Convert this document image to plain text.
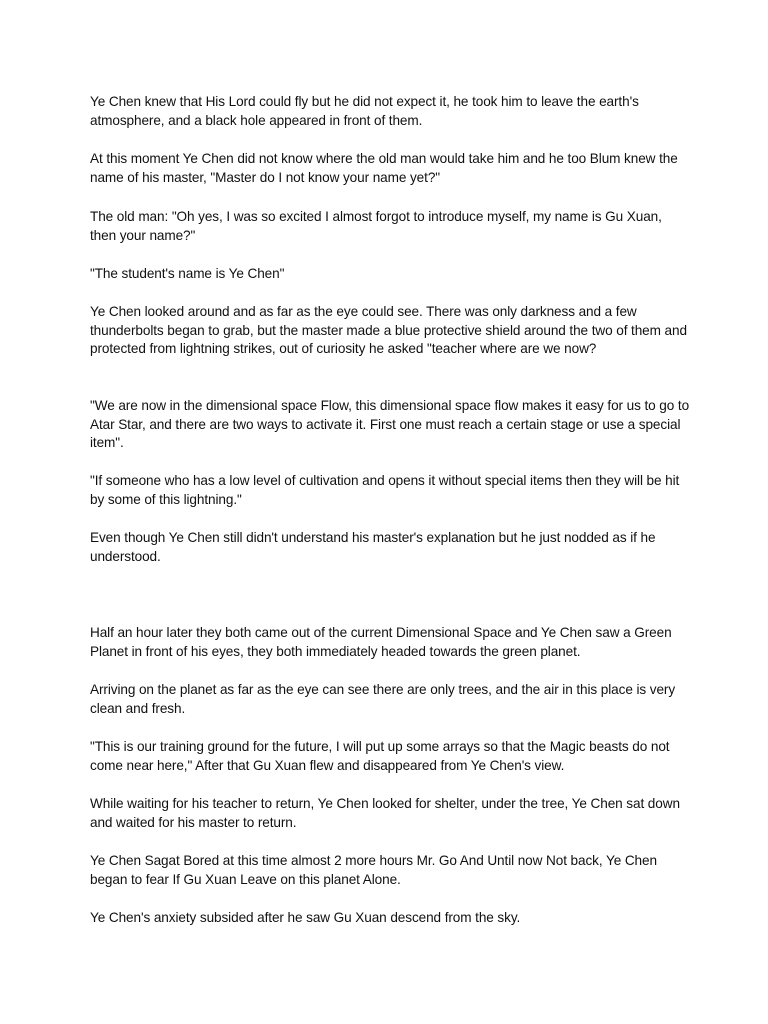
Ye Chen knew that His Lord could fly but he did not expect it, he took him to leave the earth's atmosphere, and a black hole appeared in front of them.

At this moment Ye Chen did not know where the old man would take him and he too Blum knew the name of his master, "Master do I not know your name yet?"

The old man: "Oh yes, I was so excited I almost forgot to introduce myself, my name is Gu Xuan, then your name?"

"The student's name is Ye Chen"

Ye Chen looked around and as far as the eye could see. There was only darkness and a few thunderbolts began to grab, but the master made a blue protective shield around the two of them and protected from lightning strikes, out of curiosity he asked "teacher where are we now?

"We are now in the dimensional space Flow, this dimensional space flow makes it easy for us to go to Atar Star, and there are two ways to activate it. First one must reach a certain stage or use a special item".

"If someone who has a low level of cultivation and opens it without special items then they will be hit by some of this lightning."

Even though Ye Chen still didn't understand his master's explanation but he just nodded as if he understood.

Half an hour later they both came out of the current Dimensional Space and Ye Chen saw a Green Planet in front of his eyes, they both immediately headed towards the green planet.

Arriving on the planet as far as the eye can see there are only trees, and the air in this place is very clean and fresh.

"This is our training ground for the future, I will put up some arrays so that the Magic beasts do not come near here," After that Gu Xuan flew and disappeared from Ye Chen's view.

While waiting for his teacher to return, Ye Chen looked for shelter, under the tree, Ye Chen sat down and waited for his master to return.

Ye Chen Sagat Bored at this time almost 2 more hours Mr. Go And Until now Not back, Ye Chen began to fear If Gu Xuan Leave on this planet Alone.

Ye Chen's anxiety subsided after he saw Gu Xuan descend from the sky.
